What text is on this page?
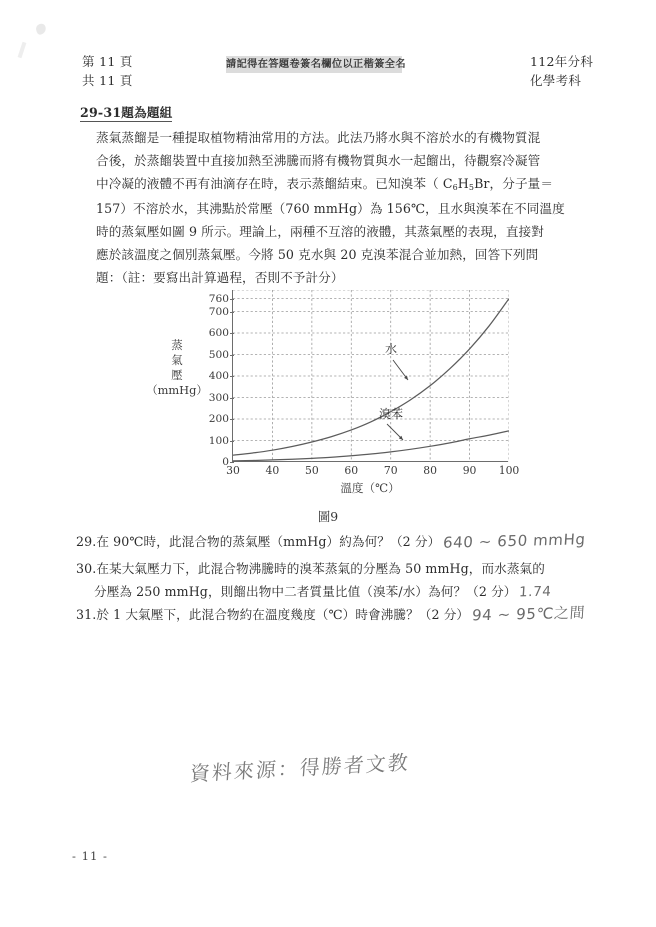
第 11 頁
共 11 頁
請記得在答題卷簽名欄位以正楷簽全名	112年分科
化學考科
29-31題為題組
蒸氣蒸餾是一種提取植物精油常用的方法。此法乃將水與不溶於水的有機物質混
合後，於蒸餾裝置中直接加熱至沸騰而將有機物質與水一起餾出，待觀察冷凝管
中冷凝的液體不再有油滴存在時，表示蒸餾結束。已知溴苯（ $C_6H_5Br$，分子量＝
157）不溶於水，其沸點於常壓（760 mmHg）為 156℃，且水與溴苯在不同溫度
時的蒸氣壓如圖 9 所示。理論上，兩種不互溶的液體，其蒸氣壓的表現，直接對
應於該溫度之個別蒸氣壓。今將 50 克水與 20 克溴苯混合並加熱，回答下列問
題：（註：要寫出計算過程，否則不予計分）
蒸
氣
壓
（mmHg）
0
100
200
300
400
500
600
700
760
30 40 50 60 70 80 90 100
水
溴苯
溫度（℃）
圖9
29.在 90℃時，此混合物的蒸氣壓（mmHg）約為何？（2 分） 640 ~ 650 mmHg
30.在某大氣壓力下，此混合物沸騰時的溴苯蒸氣的分壓為 50 mmHg，而水蒸氣的
分壓為 250 mmHg，則餾出物中二者質量比值（溴苯/水）為何？（2 分） 1.74
31.於 1 大氣壓下，此混合物約在溫度幾度（℃）時會沸騰？（2 分） 94 ~ 95℃之間
資料來源：得勝者文教
- 11 -
